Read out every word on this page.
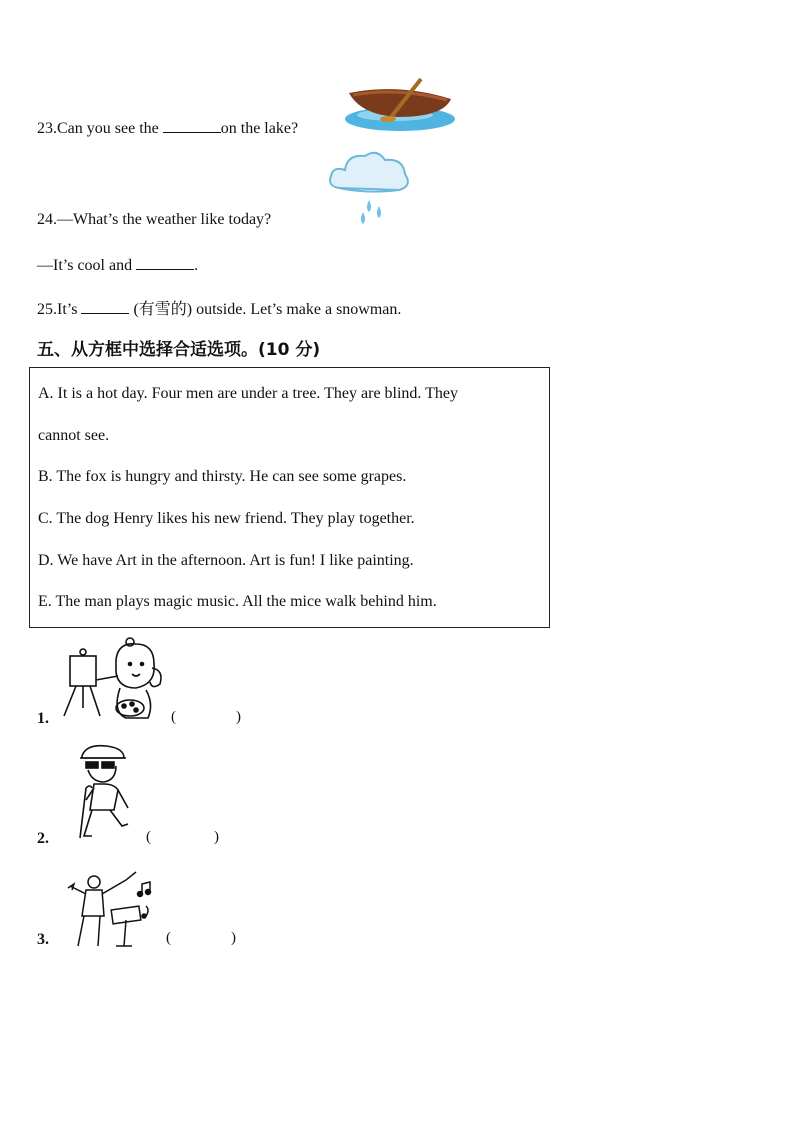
23.Can you see the	on the lake?
24.—What’s the weather like today?
—It’s cool and	.
25.It’s	(有雪的) outside. Let’s make a snowman.
五、从方框中选择合适选项。(10 分)
A. It is a hot day. Four men are under a tree. They are blind. They
cannot see.
B. The fox is hungry and thirsty. He can see some grapes.
C. The dog Henry likes his new friend. They play together.
D. We have Art in the afternoon. Art is fun! I like painting.
E. The man plays magic music. All the mice walk behind him.
1.	(	)
2.	(	)
3.	(	)
